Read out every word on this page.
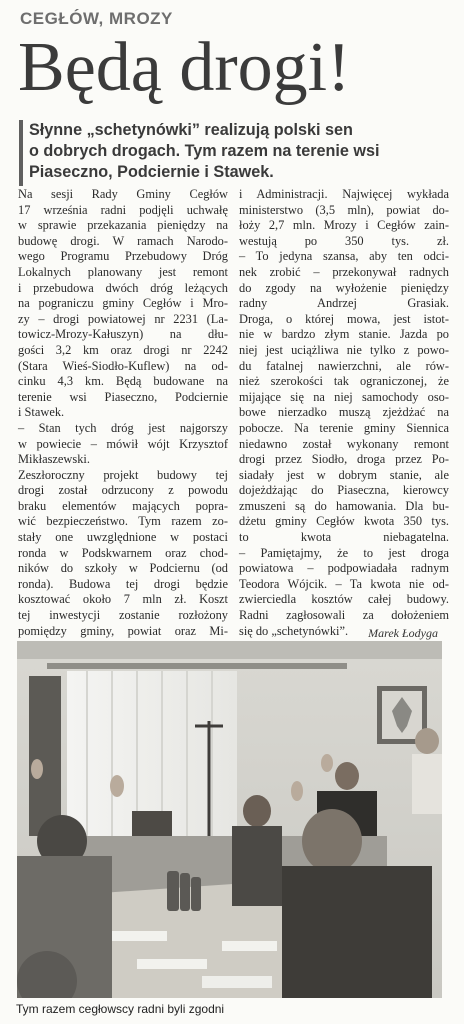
CEGŁÓW, MROZY
Będą drogi!
Słynne „schetynówki” realizują polski sen
o dobrych drogach. Tym razem na terenie wsi
Piaseczno, Podciernie i Stawek.
Na sesji Rady Gminy Cegłów
17 września radni podjęli uchwałę
w sprawie przekazania pieniędzy na
budowę drogi. W ramach Narodo-
wego Programu Przebudowy Dróg
Lokalnych planowany jest remont
i przebudowa dwóch dróg leżących
na pograniczu gminy Cegłów i Mro-
zy – drogi powiatowej nr 2231 (La-
towicz-Mrozy-Kałuszyn) na dłu-
gości 3,2 km oraz drogi nr 2242
(Stara Wieś-Siodło-Kuflew) na od-
cinku 4,3 km. Będą budowane na
terenie wsi Piaseczno, Podciernie
i Stawek.
– Stan tych dróg jest najgorszy
w powiecie – mówił wójt Krzysztof
Mikłaszewski.
Zeszłoroczny projekt budowy tej
drogi został odrzucony z powodu
braku elementów mających popra-
wić bezpieczeństwo. Tym razem zo-
stały one uwzględnione w postaci
ronda w Podskwarnem oraz chod-
ników do szkoły w Podciernu (od
ronda). Budowa tej drogi będzie
kosztować około 7 mln zł. Koszt
tej inwestycji zostanie rozłożony
pomiędzy gminy, powiat oraz Mi-
i Administracji. Najwięcej wykłada
ministerstwo (3,5 mln), powiat do-
łoży 2,7 mln. Mrozy i Cegłów zain-
westują po 350 tys. zł.
– To jedyna szansa, aby ten odci-
nek zrobić – przekonywał radnych
do zgody na wyłożenie pieniędzy
radny Andrzej Grasiak.
Droga, o której mowa, jest istot-
nie w bardzo złym stanie. Jazda po
niej jest uciążliwa nie tylko z powo-
du fatalnej nawierzchni, ale rów-
nież szerokości tak ograniczonej, że
mijające się na niej samochody oso-
bowe nierzadko muszą zjeżdżać na
pobocze. Na terenie gminy Siennica
niedawno został wykonany remont
drogi przez Siodło, droga przez Po-
siadały jest w dobrym stanie, ale
dojeżdżając do Piaseczna, kierowcy
zmuszeni są do hamowania. Dla bu-
dżetu gminy Cegłów kwota 350 tys.
to kwota niebagatelna.
– Pamiętajmy, że to jest droga
powiatowa – podpowiadała radnym
Teodora Wójcik. – Ta kwota nie od-
zwierciedla kosztów całej budowy.
Radni zagłosowali za dołożeniem
się do „schetynówki”.	Marek Łodyga
Tym razem cegłowscy radni byli zgodni
